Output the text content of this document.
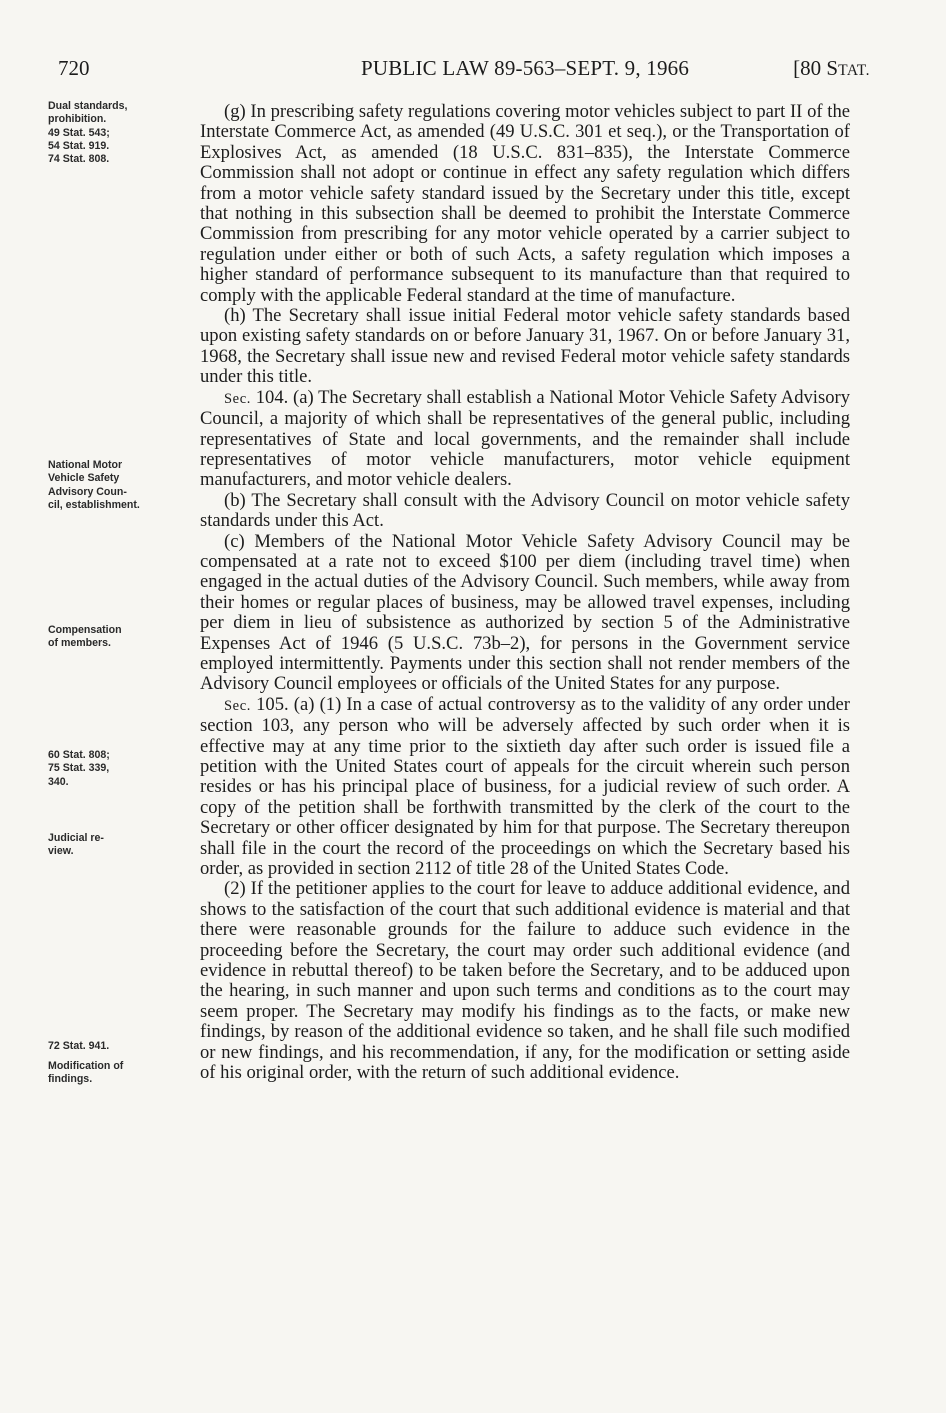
720	PUBLIC LAW 89-563–SEPT. 9, 1966	[80 STAT.
Dual standards,
prohibition.
49 Stat. 543;
54 Stat. 919.
74 Stat. 808.
National Motor
Vehicle Safety
Advisory Coun-
cil, establishment.
Compensation
of members.
60 Stat. 808;
75 Stat. 339,
340.
Judicial re-
view.
72 Stat. 941.
Modification of
findings.

(g) In prescribing safety regulations covering motor vehicles subject to part II of the Interstate Commerce Act, as amended (49 U.S.C. 301 et seq.), or the Transportation of Explosives Act, as amended (18 U.S.C. 831–835), the Interstate Commerce Commission shall not adopt or continue in effect any safety regulation which differs from a motor vehicle safety standard issued by the Secretary under this title, except that nothing in this subsection shall be deemed to prohibit the Interstate Commerce Commission from prescribing for any motor vehicle operated by a carrier subject to regulation under either or both of such Acts, a safety regulation which imposes a higher standard of performance subsequent to its manufacture than that required to comply with the applicable Federal standard at the time of manufacture.

(h) The Secretary shall issue initial Federal motor vehicle safety standards based upon existing safety standards on or before January 31, 1967. On or before January 31, 1968, the Secretary shall issue new and revised Federal motor vehicle safety standards under this title.

Sec. 104. (a) The Secretary shall establish a National Motor Vehicle Safety Advisory Council, a majority of which shall be representatives of the general public, including representatives of State and local governments, and the remainder shall include representatives of motor vehicle manufacturers, motor vehicle equipment manufacturers, and motor vehicle dealers.

(b) The Secretary shall consult with the Advisory Council on motor vehicle safety standards under this Act.

(c) Members of the National Motor Vehicle Safety Advisory Council may be compensated at a rate not to exceed $100 per diem (including travel time) when engaged in the actual duties of the Advisory Council. Such members, while away from their homes or regular places of business, may be allowed travel expenses, including per diem in lieu of subsistence as authorized by section 5 of the Administrative Expenses Act of 1946 (5 U.S.C. 73b–2), for persons in the Government service employed intermittently. Payments under this section shall not render members of the Advisory Council employees or officials of the United States for any purpose.

Sec. 105. (a) (1) In a case of actual controversy as to the validity of any order under section 103, any person who will be adversely affected by such order when it is effective may at any time prior to the sixtieth day after such order is issued file a petition with the United States court of appeals for the circuit wherein such person resides or has his principal place of business, for a judicial review of such order. A copy of the petition shall be forthwith transmitted by the clerk of the court to the Secretary or other officer designated by him for that purpose. The Secretary thereupon shall file in the court the record of the proceedings on which the Secretary based his order, as provided in section 2112 of title 28 of the United States Code.

(2) If the petitioner applies to the court for leave to adduce additional evidence, and shows to the satisfaction of the court that such additional evidence is material and that there were reasonable grounds for the failure to adduce such evidence in the proceeding before the Secretary, the court may order such additional evidence (and evidence in rebuttal thereof) to be taken before the Secretary, and to be adduced upon the hearing, in such manner and upon such terms and conditions as to the court may seem proper. The Secretary may modify his findings as to the facts, or make new findings, by reason of the additional evidence so taken, and he shall file such modified or new findings, and his recommendation, if any, for the modification or setting aside of his original order, with the return of such additional evidence.
